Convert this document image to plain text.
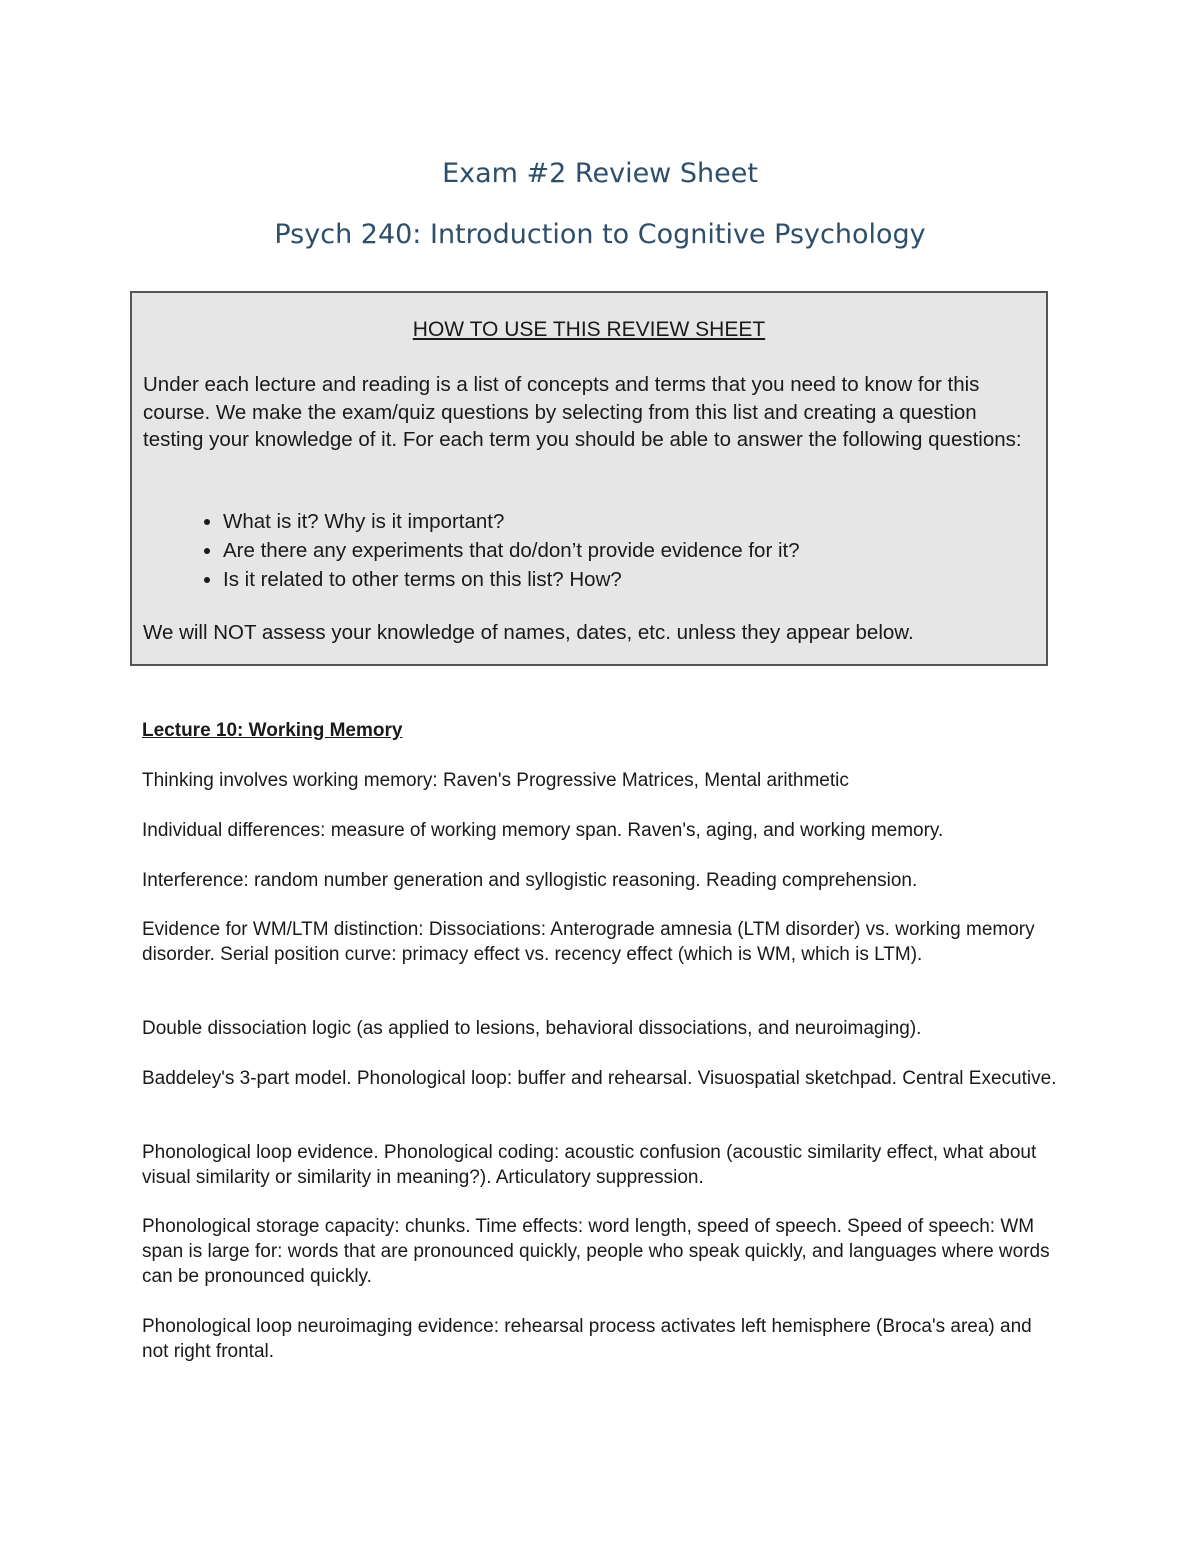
Exam #2 Review Sheet
Psych 240: Introduction to Cognitive Psychology
HOW TO USE THIS REVIEW SHEET

Under each lecture and reading is a list of concepts and terms that you need to know for this course. We make the exam/quiz questions by selecting from this list and creating a question testing your knowledge of it. For each term you should be able to answer the following questions:

• What is it? Why is it important?
• Are there any experiments that do/don’t provide evidence for it?
• Is it related to other terms on this list? How?

We will NOT assess your knowledge of names, dates, etc. unless they appear below.

Lecture 10: Working Memory

Thinking involves working memory: Raven's Progressive Matrices, Mental arithmetic

Individual differences: measure of working memory span. Raven's, aging, and working memory.

Interference: random number generation and syllogistic reasoning. Reading comprehension.

Evidence for WM/LTM distinction: Dissociations: Anterograde amnesia (LTM disorder) vs. working memory disorder. Serial position curve: primacy effect vs. recency effect (which is WM, which is LTM).

Double dissociation logic (as applied to lesions, behavioral dissociations, and neuroimaging).

Baddeley's 3-part model. Phonological loop: buffer and rehearsal. Visuospatial sketchpad. Central Executive.

Phonological loop evidence. Phonological coding: acoustic confusion (acoustic similarity effect, what about visual similarity or similarity in meaning?). Articulatory suppression.

Phonological storage capacity: chunks. Time effects: word length, speed of speech. Speed of speech: WM span is large for: words that are pronounced quickly, people who speak quickly, and languages where words can be pronounced quickly.

Phonological loop neuroimaging evidence: rehearsal process activates left hemisphere (Broca's area) and not right frontal.
